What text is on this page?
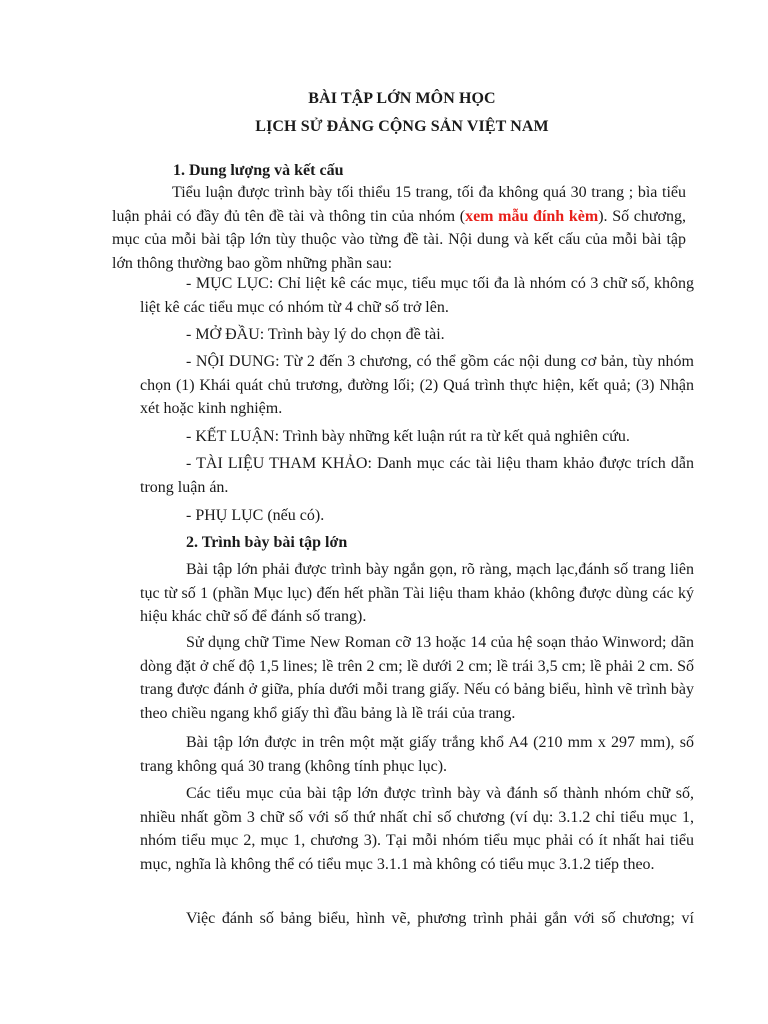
BÀI TẬP LỚN MÔN HỌC
LỊCH SỬ ĐẢNG CỘNG SẢN VIỆT NAM
1. Dung lượng và kết cấu
Tiểu luận được trình bày tối thiểu 15 trang, tối đa không quá 30 trang ; bìa tiểu luận phải có đầy đủ tên đề tài và thông tin của nhóm (xem mẫu đính kèm). Số chương, mục của mỗi bài tập lớn tùy thuộc vào từng đề tài. Nội dung và kết cấu của mỗi bài tập lớn thông thường bao gồm những phần sau:
- MỤC LỤC: Chỉ liệt kê các mục, tiểu mục tối đa là nhóm có 3 chữ số, không liệt kê các tiểu mục có nhóm từ 4 chữ số trở lên.
- MỞ ĐẦU: Trình bày lý do chọn đề tài.
- NỘI DUNG: Từ 2 đến 3 chương, có thể gồm các nội dung cơ bản, tùy nhóm chọn (1) Khái quát chủ trương, đường lối; (2) Quá trình thực hiện, kết quả; (3) Nhận xét hoặc kinh nghiệm.
- KẾT LUẬN: Trình bày những kết luận rút ra từ kết quả nghiên cứu.
- TÀI LIỆU THAM KHẢO: Danh mục các tài liệu tham khảo được trích dẫn trong luận án.
- PHỤ LỤC (nếu có).
2. Trình bày bài tập lớn
Bài tập lớn phải được trình bày ngắn gọn, rõ ràng, mạch lạc,đánh số trang liên tục từ số 1 (phần Mục lục) đến hết phần Tài liệu tham khảo (không được dùng các ký hiệu khác chữ số để đánh số trang).
Sử dụng chữ Time New Roman cỡ 13 hoặc 14 của hệ soạn thảo Winword; dãn dòng đặt ở chế độ 1,5 lines; lề trên 2 cm; lề dưới 2 cm; lề trái 3,5 cm; lề phải 2 cm. Số trang được đánh ở giữa, phía dưới mỗi trang giấy. Nếu có bảng biểu, hình vẽ trình bày theo chiều ngang khổ giấy thì đầu bảng là lề trái của trang.
Bài tập lớn được in trên một mặt giấy trắng khổ A4 (210 mm x 297 mm), số trang không quá 30 trang (không tính phục lục).
Các tiểu mục của bài tập lớn được trình bày và đánh số thành nhóm chữ số, nhiều nhất gồm 3 chữ số với số thứ nhất chỉ số chương (ví dụ: 3.1.2 chỉ tiểu mục 1, nhóm tiểu mục 2, mục 1, chương 3). Tại mỗi nhóm tiểu mục phải có ít nhất hai tiểu mục, nghĩa là không thể có tiểu mục 3.1.1 mà không có tiểu mục 3.1.2 tiếp theo.
Việc đánh số bảng biểu, hình vẽ, phương trình phải gắn với số chương; ví
